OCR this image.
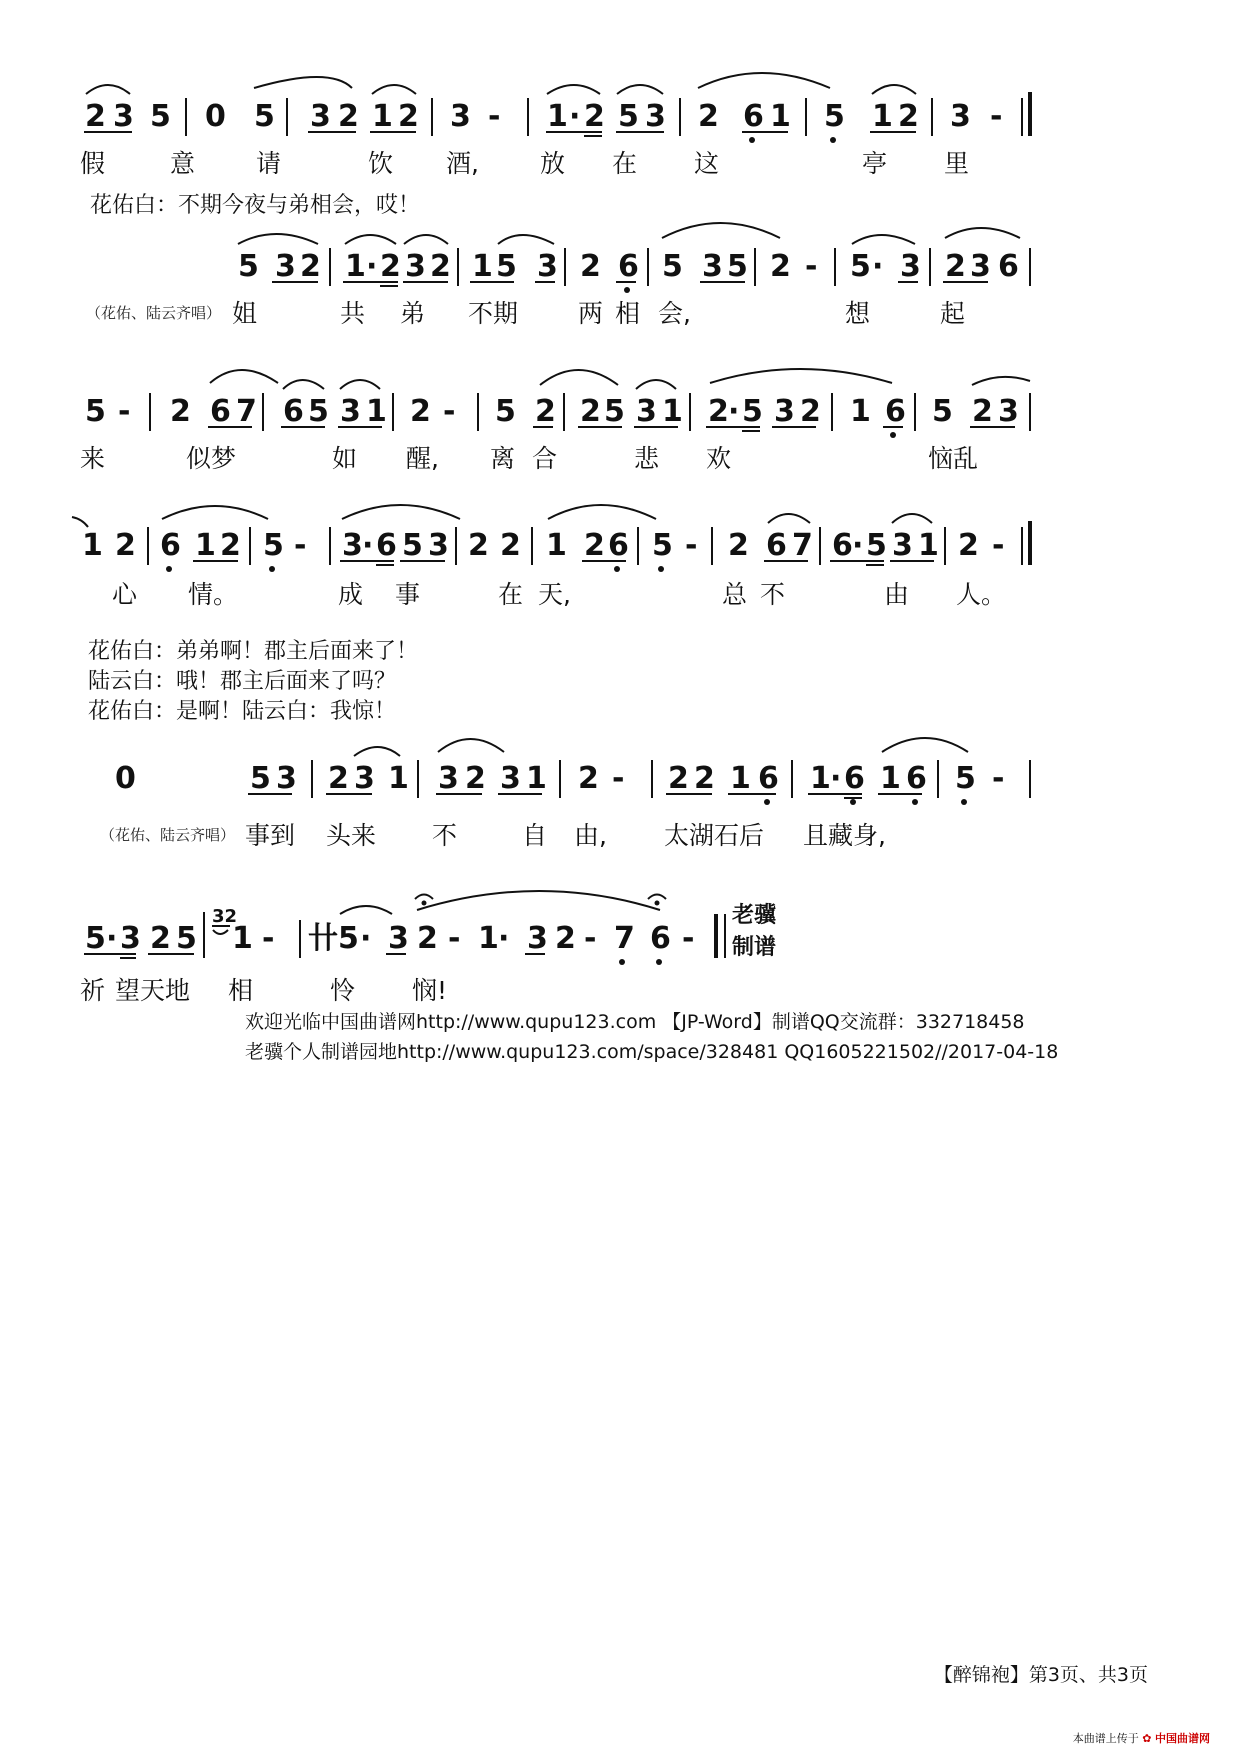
2 3 5 0 5 3 2 1 2 3 - 1 · 2 5 3 2 6 1 5 1 2 3 -
假	意 请	饮 酒, 放 在 这	亭 里
花佑白：不期今夜与弟相会，哎！
5 3 2 1 · 2 3 2 1 5 3 2 6 5 3 5 2 - 5 · 3 2 3 6
（花佑、陆云齐唱） 姐	共 弟 不期 两 相 会,	想	起
5 - 2 6 7 6 5 3 1 2 - 5 2 2 5 3 1 2 · 5 3 2 1 6 5 2 3
来	似梦	如 醒, 离 合	悲 欢	恼乱
1 2 6 1 2 5 - 3 · 6 5 3 2 2 1 2 6 5 - 2 6 7 6 · 5 3 1 2 -
心 情。	成 事	在 天,	总 不	由 人。
花佑白：弟弟啊！郡主后面来了！
陆云白：哦！郡主后面来了吗？
花佑白：是啊！陆云白：我惊！
0	5 3 2 3 1 3 2 3 1 2 - 2 2 1 6 1 · 6 1 6 5 -
（花佑、陆云齐唱） 事到 头来 不	自 由, 太湖石后 且藏身,
5 · 3 2 5
32
1 - 卄 5 · 3 2 - 1 · 3 2 - 7 6 -
老骥
制谱
祈 望 天地 相	怜 悯!
欢迎光临中国曲谱网http://www.qupu123.com 【JP-Word】制谱QQ交流群：332718458
老骥个人制谱园地http://www.qupu123.com/space/328481 QQ1605221502//2017-04-18
【醉锦袍】第3页、共3页
本曲谱上传于 ✿ 中国曲谱网
